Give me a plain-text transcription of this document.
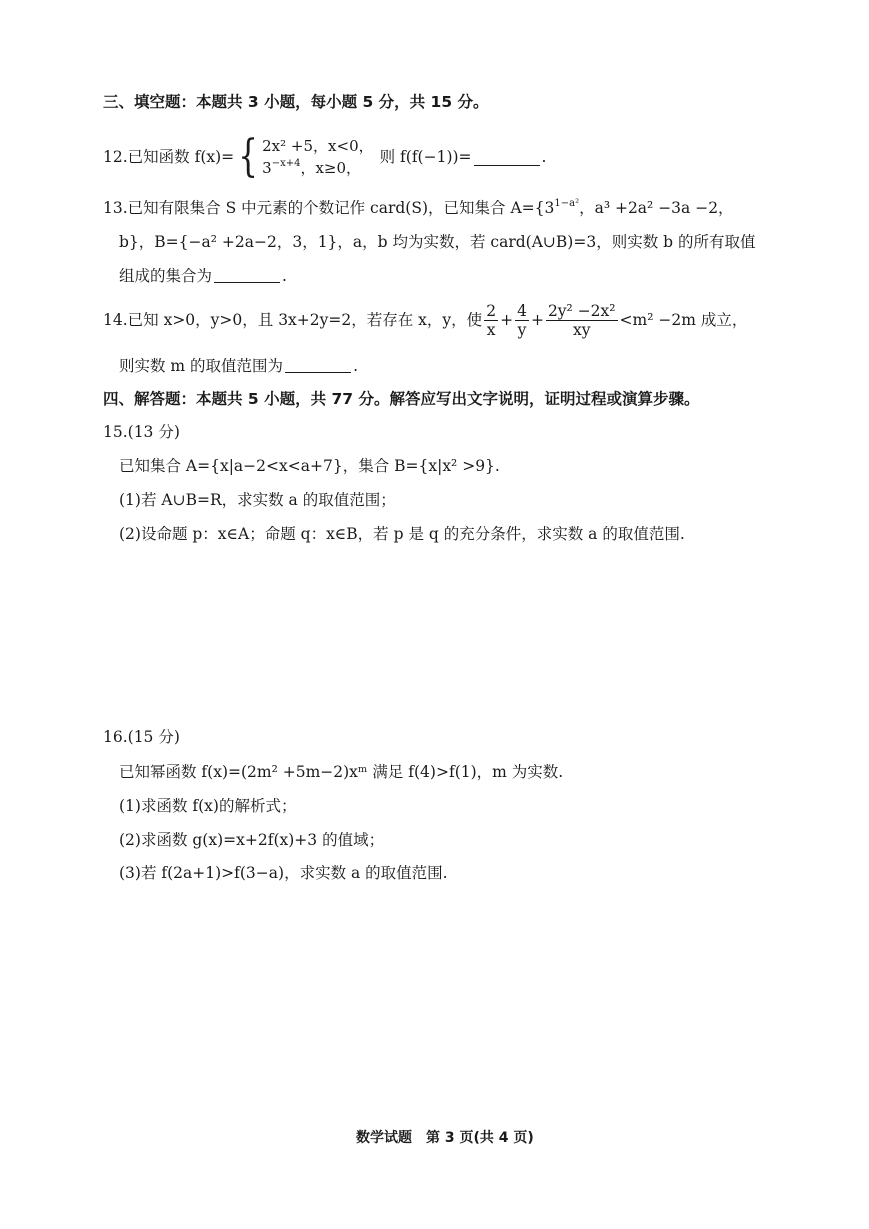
三、填空题：本题共 3 小题，每小题 5 分，共 15 分。
12.已知函数 f(x)= { 2x² +5，x<0，
$3^{-x+4}$，x≥0，
则 f(f(−1))=	.
13.已知有限集合 S 中元素的个数记作 card(S)，已知集合 $A=\{3^{1-a^2}$，a³ +2a² −3a −2，
b}，B={−a² +2a−2，3，1}，a，b 均为实数，若 card(A∪B)=3，则实数 b 的所有取值
组成的集合为	.
14.已知 x>0，y>0，且 3x+2y=2，若存在 x，y，使 $\frac{2}{x} + \frac{4}{y} + \frac{\text{2y² −2x²}}{xy} <m^2 -2m$ 成立，
则实数 m 的取值范围为	.
四、解答题：本题共 5 小题，共 77 分。解答应写出文字说明，证明过程或演算步骤。
15.(13 分)
已知集合 A={x|a−2<x<a+7}，集合 B={x|x² >9}.
(1)若 A∪B=R，求实数 a 的取值范围；
(2)设命题 p：x∈A；命题 q：x∈B，若 p 是 q 的充分条件，求实数 a 的取值范围.
16.(15 分)
已知幂函数 f(x)=(2m² +5m−2)xᵐ 满足 f(4)>f(1)，m 为实数.
(1)求函数 f(x)的解析式；
(2)求函数 g(x)=x+2f(x)+3 的值域；
(3)若 f(2a+1)>f(3−a)，求实数 a 的取值范围.
数学试题　第 3 页(共 4 页)
